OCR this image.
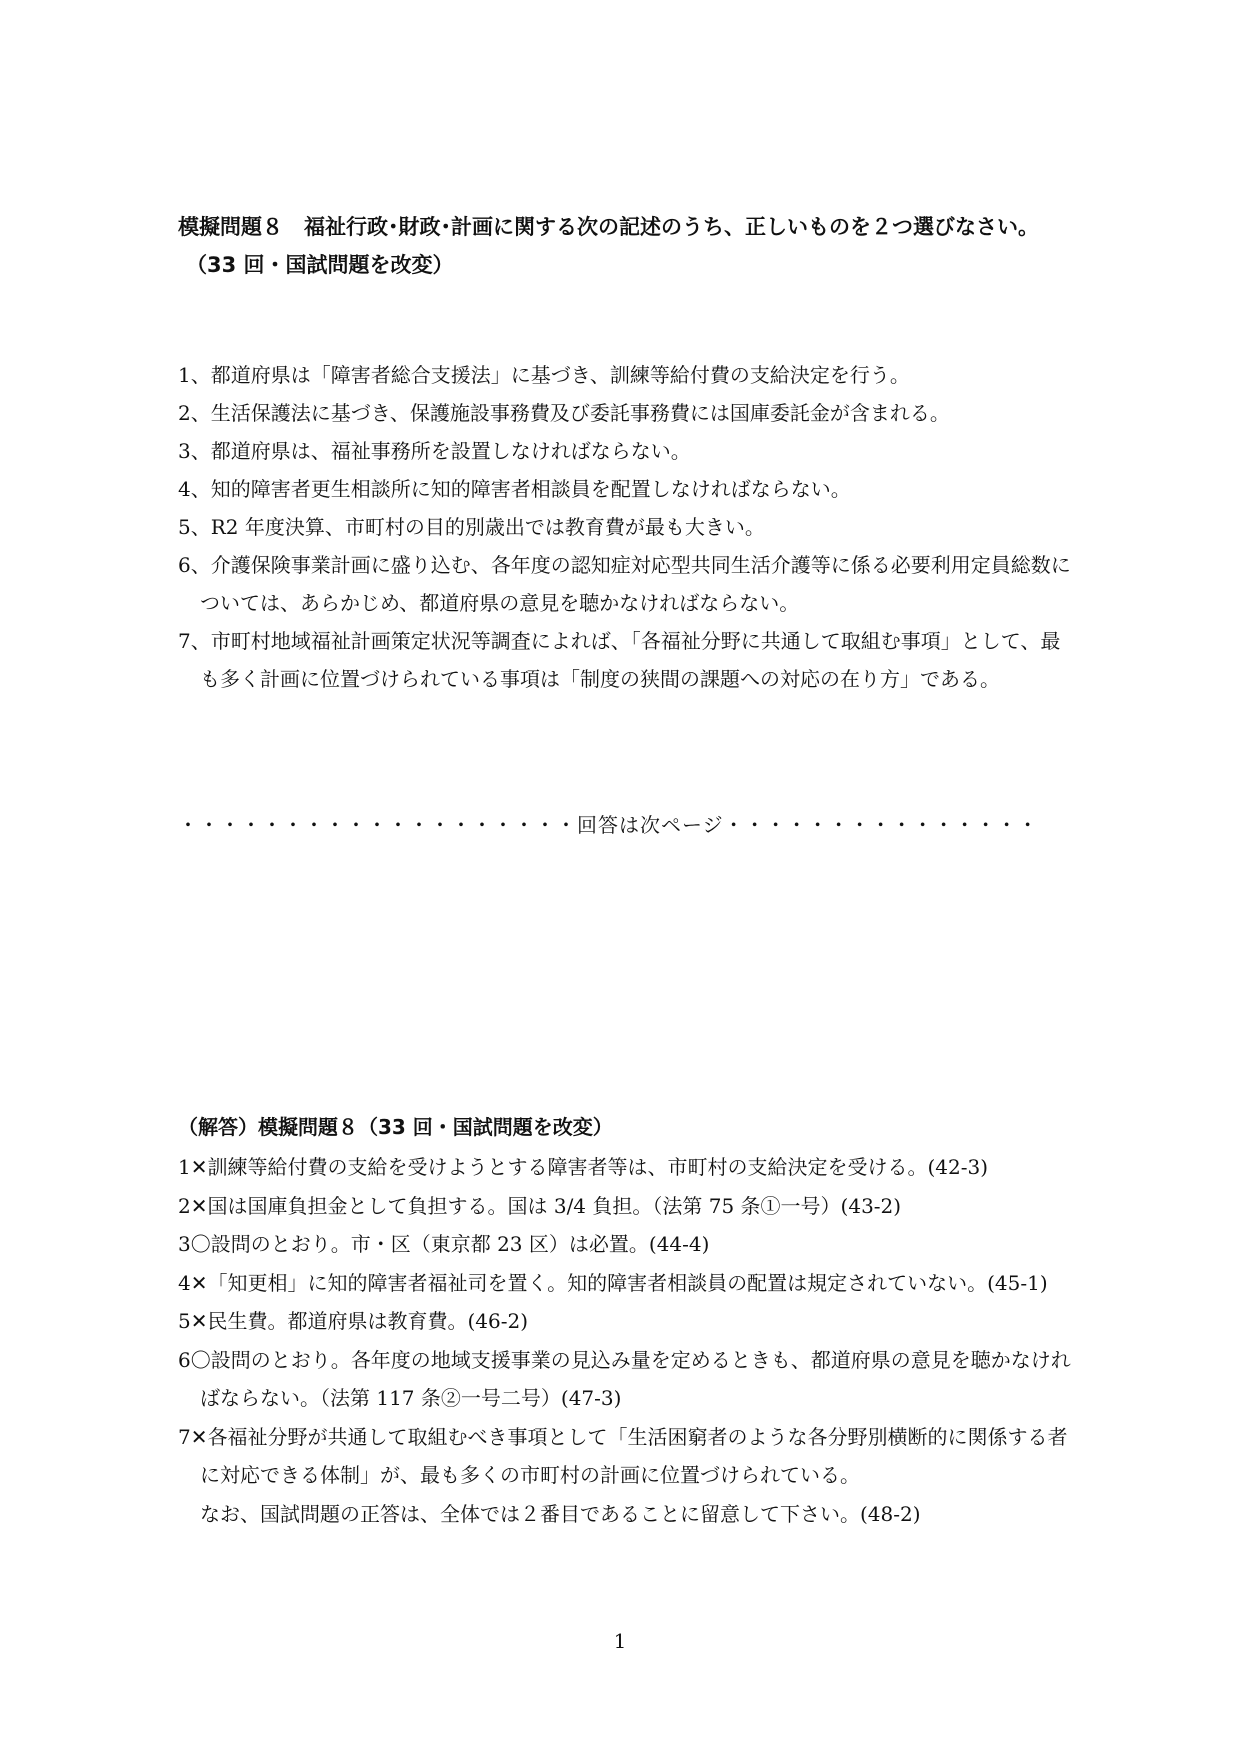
模擬問題８　福祉行政･財政･計画に関する次の記述のうち、正しいものを２つ選びなさい。
（33 回・国試問題を改変）
1、都道府県は「障害者総合支援法」に基づき、訓練等給付費の支給決定を行う。
2、生活保護法に基づき、保護施設事務費及び委託事務費には国庫委託金が含まれる。
3、都道府県は、福祉事務所を設置しなければならない。
4、知的障害者更生相談所に知的障害者相談員を配置しなければならない。
5、R2 年度決算、市町村の目的別歳出では教育費が最も大きい。
6、介護保険事業計画に盛り込む、各年度の認知症対応型共同生活介護等に係る必要利用定員総数については、あらかじめ、都道府県の意見を聴かなければならない。
7、市町村地域福祉計画策定状況等調査によれば、「各福祉分野に共通して取組む事項」として、最も多く計画に位置づけられている事項は「制度の狭間の課題への対応の在り方」である。
・・・・・・・・・・・・・・・・・・・回答は次ページ・・・・・・・・・・・・・・・
（解答）模擬問題８（33 回・国試問題を改変）
1✕訓練等給付費の支給を受けようとする障害者等は、市町村の支給決定を受ける。(42-3)
2✕国は国庫負担金として負担する。国は 3/4 負担。（法第 75 条①一号）(43-2)
3〇設問のとおり。市・区（東京都 23 区）は必置。(44-4)
4✕「知更相」に知的障害者福祉司を置く。知的障害者相談員の配置は規定されていない。(45-1)
5✕民生費。都道府県は教育費。(46-2)
6〇設問のとおり。各年度の地域支援事業の見込み量を定めるときも、都道府県の意見を聴かなければならない。（法第 117 条②一号二号）(47-3)
7✕各福祉分野が共通して取組むべき事項として「生活困窮者のような各分野別横断的に関係する者に対応できる体制」が、最も多くの市町村の計画に位置づけられている。
なお、国試問題の正答は、全体では２番目であることに留意して下さい。(48-2)
1
